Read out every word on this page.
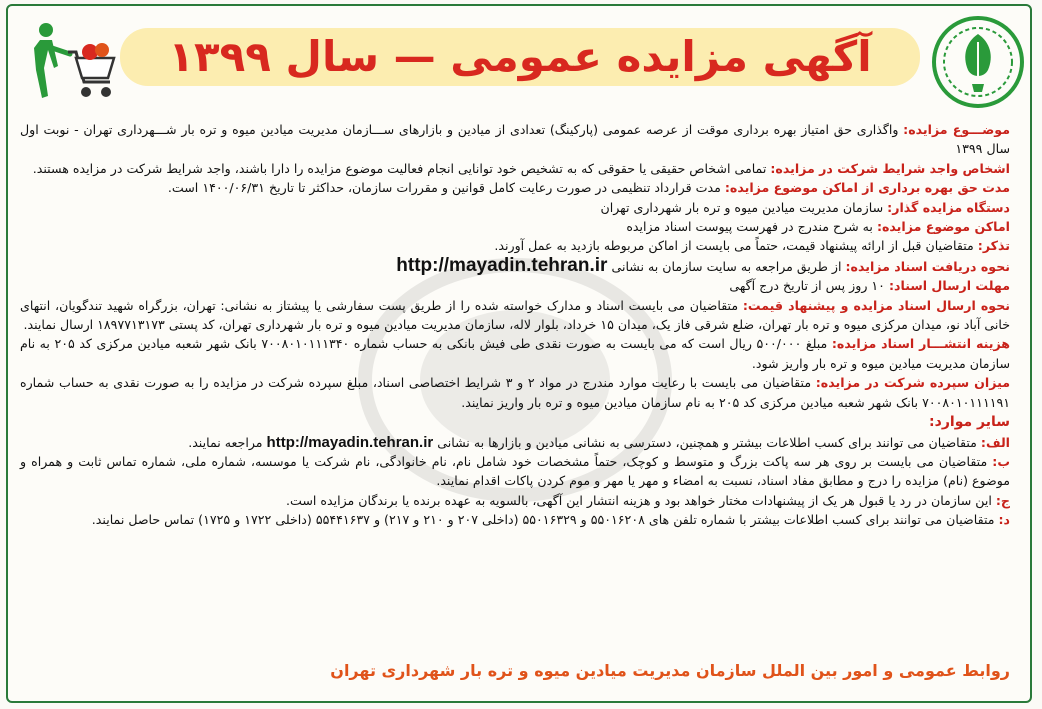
آگهی مزایده عمومی — سال ۱۳۹۹

موضـــوع مزایده: واگذاری حق امتیاز بهره برداری موقت از عرصه عمومی (پارکینگ) تعدادی از میادین و بازارهای ســـازمان مدیریت میادین میوه و تره بار شـــهرداری تهران - نوبت اول سال ۱۳۹۹

اشخاص واجد شرایط شرکت در مزایده: تمامی اشخاص حقیقی یا حقوقی که به تشخیص خود توانایی انجام فعالیت موضوع مزایده را دارا باشند، واجد شرایط شرکت در مزایده هستند.

مدت حق بهره برداری از اماکن موضوع مزایده: مدت قرارداد تنظیمی در صورت رعایت کامل قوانین و مقررات سازمان، حداکثر تا تاریخ ۱۴۰۰/۰۶/۳۱ است.

دستگاه مزایده گذار: سازمان مدیریت میادین میوه و تره بار شهرداری تهران

اماکن موضوع مزایده: به شرح مندرج در فهرست پیوست اسناد مزایده

تذکر: متقاضیان قبل از ارائه پیشنهاد قیمت، حتماً می بایست از اماکن مربوطه بازدید به عمل آورند.

نحوه دریافت اسناد مزایده: از طریق مراجعه به سایت سازمان به نشانی http://mayadin.tehran.ir

مهلت ارسال اسناد: ۱۰ روز پس از تاریخ درج آگهی

نحوه ارسال اسناد مزایده و پیشنهاد قیمت: متقاضیان می بایست اسناد و مدارک خواسته شده را از طریق پست سفارشی یا پیشتاز به نشانی: تهران، بزرگراه شهید تندگویان، انتهای خانی آباد نو، میدان مرکزی میوه و تره بار تهران، ضلع شرقی فاز یک، میدان ۱۵ خرداد، بلوار لاله، سازمان مدیریت میادین میوه و تره بار شهرداری تهران، کد پستی ۱۸۹۷۷۱۳۱۷۳ ارسال نمایند.

هزینه انتشـــار اسناد مزایده: مبلغ ۵۰۰/۰۰۰ ریال است که می بایست به صورت نقدی طی فیش بانکی به حساب شماره ۷۰۰۸۰۱۰۱۱۱۳۴۰ بانک شهر شعبه میادین مرکزی کد ۲۰۵ به نام سازمان مدیریت میادین میوه و تره بار واریز شود.

میزان سپرده شرکت در مزایده: متقاضیان می بایست با رعایت موارد مندرج در مواد ۲ و ۳ شرایط اختصاصی اسناد، مبلغ سپرده شرکت در مزایده را به صورت نقدی به حساب شماره ۷۰۰۸۰۱۰۱۱۱۱۹۱ بانک شهر شعبه میادین مرکزی کد ۲۰۵ به نام سازمان میادین میوه و تره بار واریز نمایند.

سایر موارد:

الف: متقاضیان می توانند برای کسب اطلاعات بیشتر و همچنین، دسترسی به نشانی میادین و بازارها به نشانی http://mayadin.tehran.ir مراجعه نمایند.

ب: متقاضیان می بایست بر روی هر سه پاکت بزرگ و متوسط و کوچک، حتماً مشخصات خود شامل نام، نام خانوادگی، نام شرکت یا موسسه، شماره ملی، شماره تماس ثابت و همراه و موضوع (نام) مزایده را درج و مطابق مفاد اسناد، نسبت به امضاء و مهر یا مهر و موم کردن پاکات اقدام نمایند.

ج: این سازمان در رد یا قبول هر یک از پیشنهادات مختار خواهد بود و هزینه انتشار این آگهی، بالسویه به عهده برنده یا برندگان مزایده است.

د: متقاضیان می توانند برای کسب اطلاعات بیشتر با شماره تلفن های ۵۵۰۱۶۲۰۸ و ۵۵۰۱۶۳۲۹ (داخلی ۲۰۷ و ۲۱۰ و ۲۱۷) و ۵۵۴۴۱۶۳۷ (داخلی ۱۷۲۲ و ۱۷۲۵) تماس حاصل نمایند.

روابط عمومی و امور بین الملل سازمان مدیریت میادین میوه و تره بار شهرداری تهران
